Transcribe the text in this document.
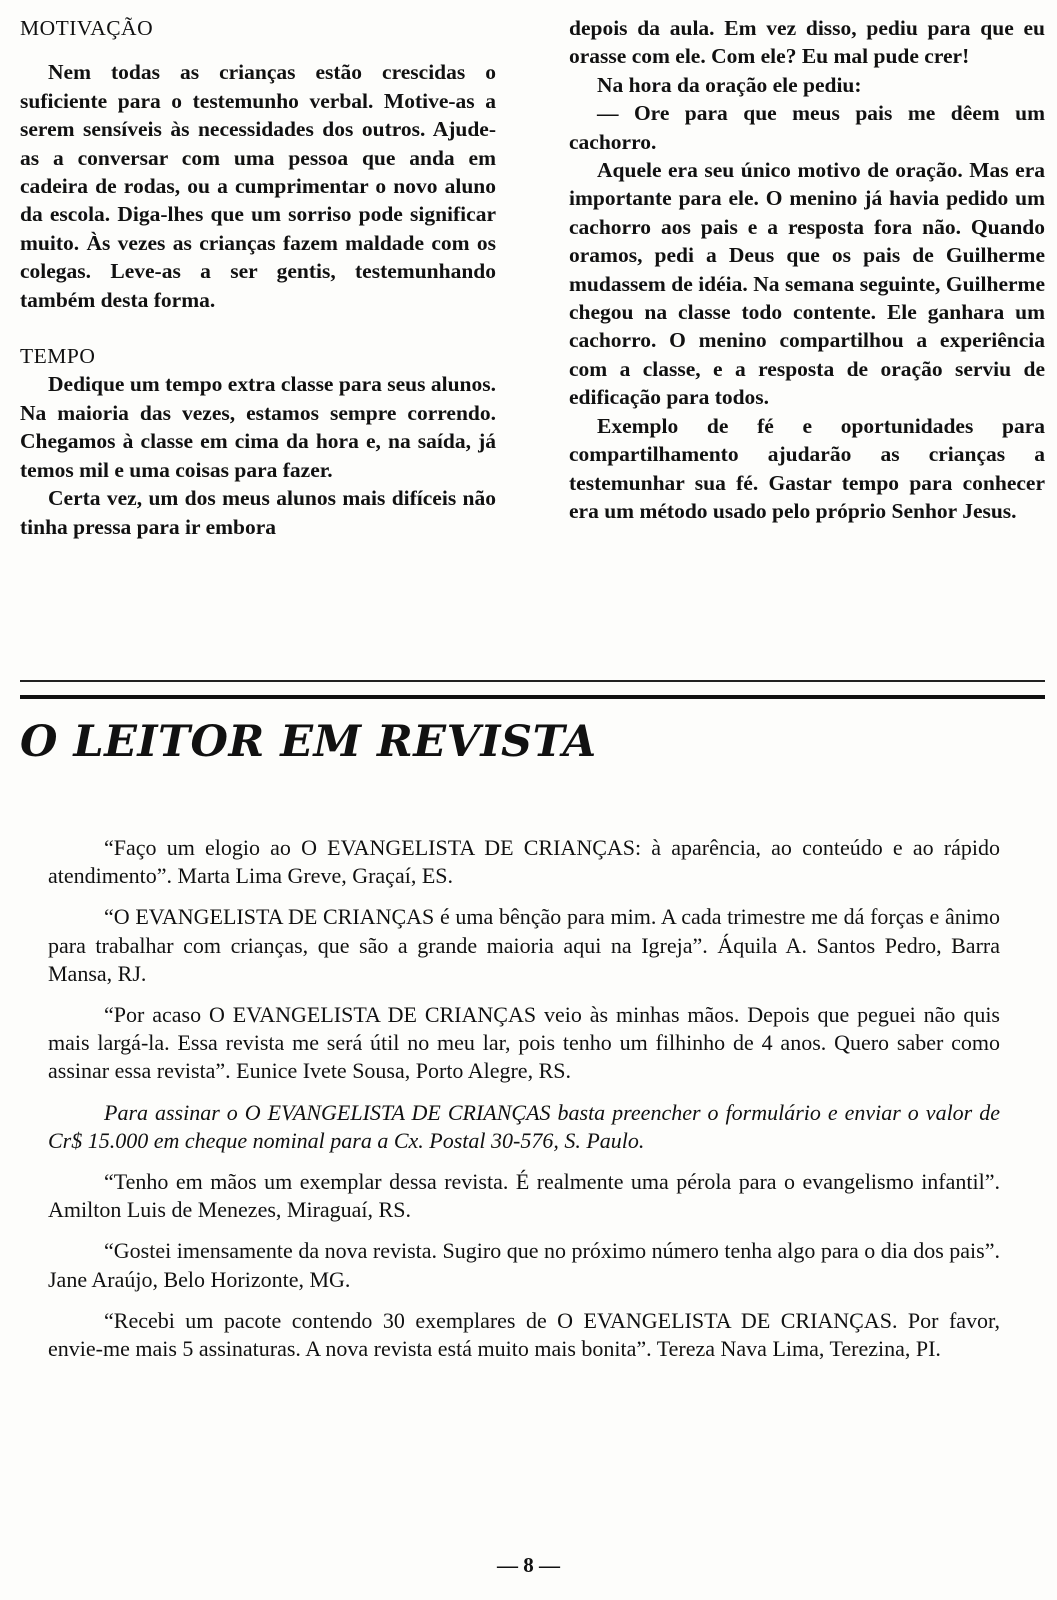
MOTIVAÇÃO

Nem todas as crianças estão crescidas o suficiente para o testemunho verbal. Motive-as a serem sensíveis às necessidades dos outros. Ajude-as a conversar com uma pessoa que anda em cadeira de rodas, ou a cumprimentar o novo aluno da escola. Diga-lhes que um sorriso pode significar muito. Às vezes as crianças fazem maldade com os colegas. Leve-as a ser gentis, testemunhando também desta forma.

TEMPO

Dedique um tempo extra classe para seus alunos. Na maioria das vezes, estamos sempre correndo. Chegamos à classe em cima da hora e, na saída, já temos mil e uma coisas para fazer.

Certa vez, um dos meus alunos mais difíceis não tinha pressa para ir embora

depois da aula. Em vez disso, pediu para que eu orasse com ele. Com ele? Eu mal pude crer!

Na hora da oração ele pediu:

— Ore para que meus pais me dêem um cachorro.

Aquele era seu único motivo de oração. Mas era importante para ele. O menino já havia pedido um cachorro aos pais e a resposta fora não. Quando oramos, pedi a Deus que os pais de Guilherme mudassem de idéia. Na semana seguinte, Guilherme chegou na classe todo contente. Ele ganhara um cachorro. O menino compartilhou a experiência com a classe, e a resposta de oração serviu de edificação para todos.

Exemplo de fé e oportunidades para compartilhamento ajudarão as crianças a testemunhar sua fé. Gastar tempo para conhecer era um método usado pelo próprio Senhor Jesus.

O LEITOR EM REVISTA

“Faço um elogio ao O EVANGELISTA DE CRIANÇAS: à aparência, ao conteúdo e ao rápido atendimento”. Marta Lima Greve, Graçaí, ES.

“O EVANGELISTA DE CRIANÇAS é uma bênção para mim. A cada trimestre me dá forças e ânimo para trabalhar com crianças, que são a grande maioria aqui na Igreja”. Áquila A. Santos Pedro, Barra Mansa, RJ.

“Por acaso O EVANGELISTA DE CRIANÇAS veio às minhas mãos. Depois que peguei não quis mais largá-la. Essa revista me será útil no meu lar, pois tenho um filhinho de 4 anos. Quero saber como assinar essa revista”. Eunice Ivete Sousa, Porto Alegre, RS.

Para assinar o O EVANGELISTA DE CRIANÇAS basta preencher o formulário e enviar o valor de Cr$ 15.000 em cheque nominal para a Cx. Postal 30-576, S. Paulo.

“Tenho em mãos um exemplar dessa revista. É realmente uma pérola para o evangelismo infantil”. Amilton Luis de Menezes, Miraguaí, RS.

“Gostei imensamente da nova revista. Sugiro que no próximo número tenha algo para o dia dos pais”. Jane Araújo, Belo Horizonte, MG.

“Recebi um pacote contendo 30 exemplares de O EVANGELISTA DE CRIANÇAS. Por favor, envie-me mais 5 assinaturas. A nova revista está muito mais bonita”. Tereza Nava Lima, Terezina, PI.

— 8 —
